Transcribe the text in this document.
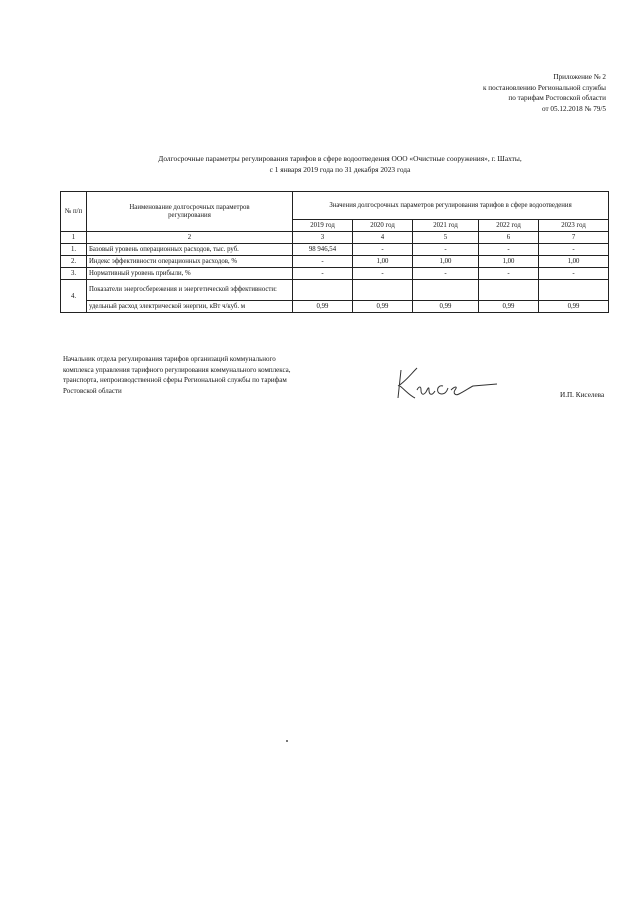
Приложение № 2
к постановлению Региональной службы
по тарифам Ростовской области
от 05.12.2018 № 79/5
Долгосрочные параметры регулирования тарифов в сфере водоотведения ООО «Очистные сооружения», г. Шахты,
с 1 января 2019 года по 31 декабря 2023 года
№ п/п	Наименование долгосрочных параметров регулирования	Значения долгосрочных параметров регулирования тарифов в сфере водоотведения				
		2019 год	2020 год	2021 год	2022 год	2023 год
1	2	3	4	5	6	7
1.	Базовый уровень операционных расходов, тыс. руб.	98 946,54	-	-	-	-
2.	Индекс эффективности операционных расходов, %	-	1,00	1,00	1,00	1,00
3.	Нормативный уровень прибыли, %	-	-	-	-	-
4.	Показатели энергосбережения и энергетической эффективности:					
	удельный расход электрической энергии, кВт ч/куб. м	0,99	0,99	0,99	0,99	0,99
Начальник отдела регулирования тарифов организаций коммунального
комплекса управления тарифного регулирования коммунального комплекса,
транспорта, непроизводственной сферы Региональной службы по тарифам
Ростовской области
И.П. Киселева
